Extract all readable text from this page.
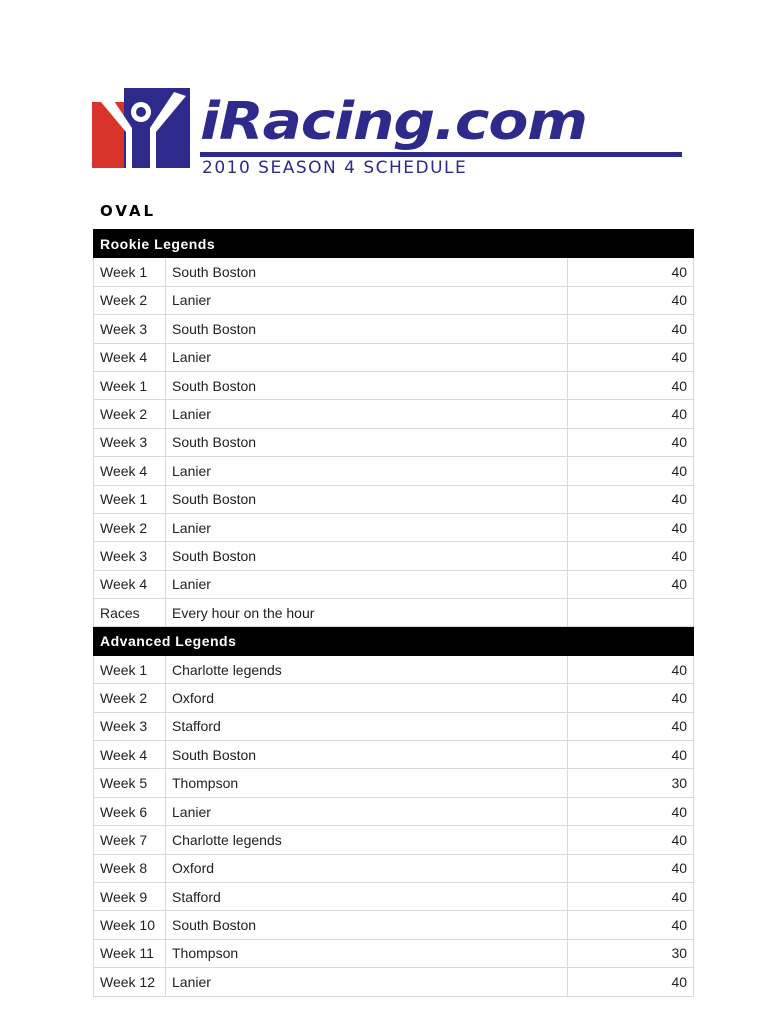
iRacing.com
2010 SEASON 4 SCHEDULE
OVAL
Rookie Legends		
Week 1	South Boston	40
Week 2	Lanier	40
Week 3	South Boston	40
Week 4	Lanier	40
Week 1	South Boston	40
Week 2	Lanier	40
Week 3	South Boston	40
Week 4	Lanier	40
Week 1	South Boston	40
Week 2	Lanier	40
Week 3	South Boston	40
Week 4	Lanier	40
Races	Every hour on the hour	
Advanced Legends		
Week 1	Charlotte legends	40
Week 2	Oxford	40
Week 3	Stafford	40
Week 4	South Boston	40
Week 5	Thompson	30
Week 6	Lanier	40
Week 7	Charlotte legends	40
Week 8	Oxford	40
Week 9	Stafford	40
Week 10	South Boston	40
Week 11	Thompson	30
Week 12	Lanier	40
